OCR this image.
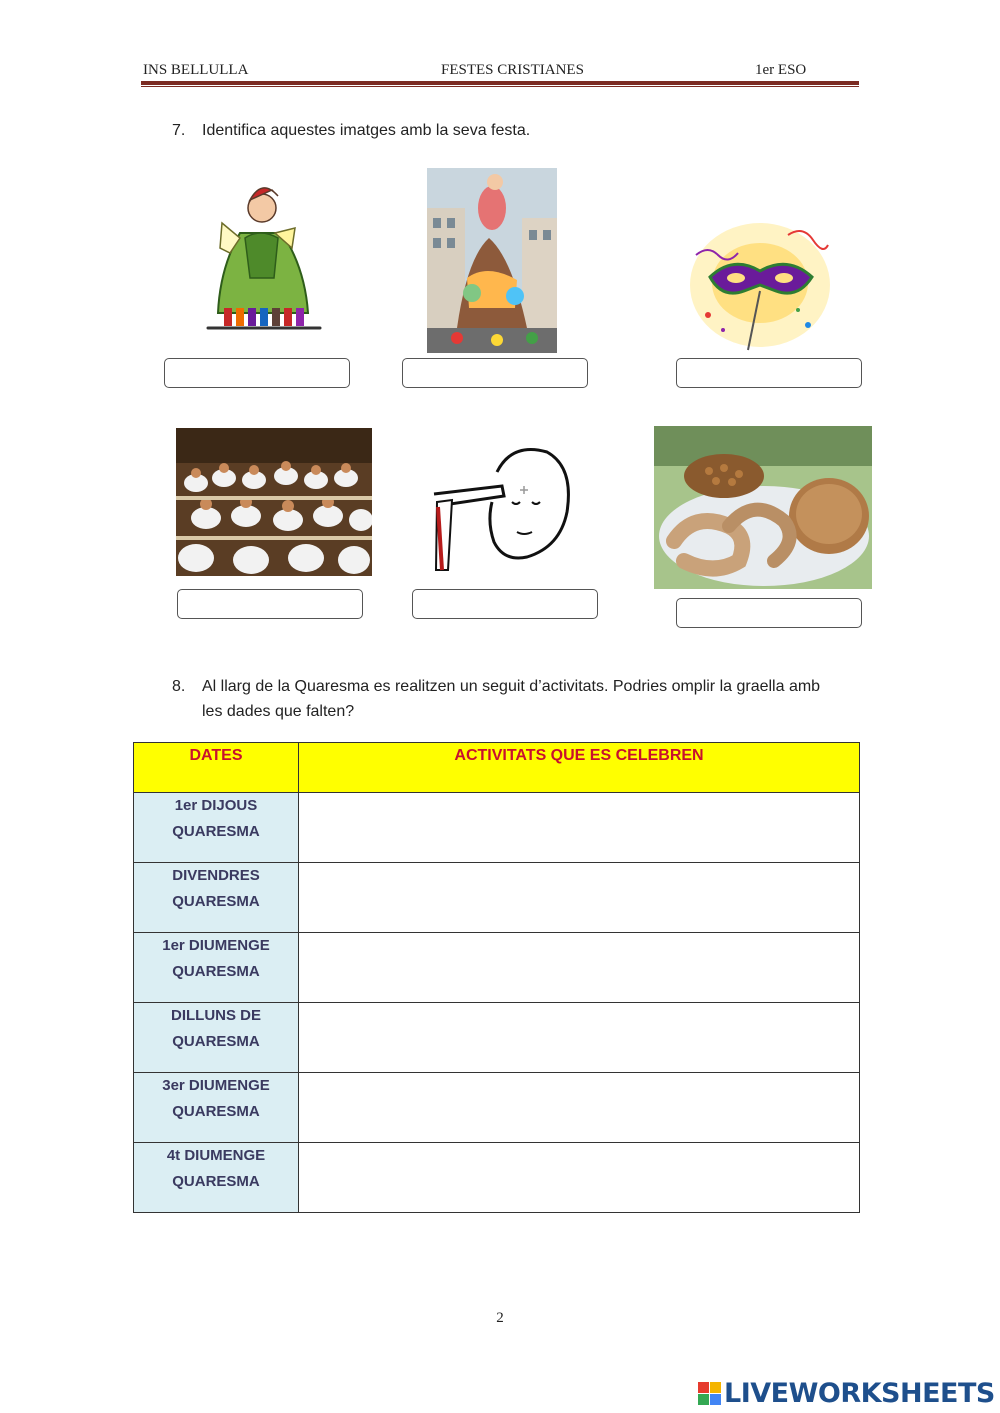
INS BELLULLA	FESTES CRISTIANES	1er ESO
7. Identifica aquestes imatges amb la seva festa.
8. Al llarg de la Quaresma es realitzen un seguit d’activitats. Podries omplir la graella amb
les dades que falten?
DATES	ACTIVITATS QUE ES CELEBREN

1er DIJOUS
QUARESMA	

DIVENDRES
QUARESMA	

1er DIUMENGE
QUARESMA	

DILLUNS DE
QUARESMA	

3er DIUMENGE
QUARESMA	

4t DIUMENGE
QUARESMA	

2
LIVEWORKSHEETS
